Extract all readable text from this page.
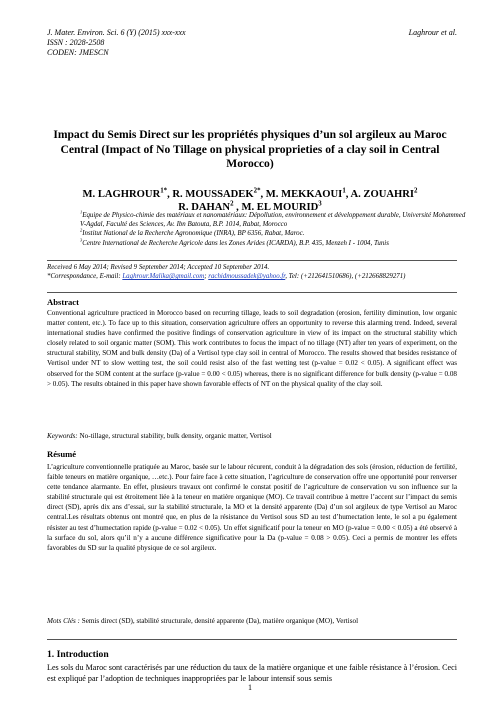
J. Mater. Environ. Sci. 6 (Y) (2015) xxx-xxx
ISSN : 2028-2508
CODEN: JMESCN
Laghrour et al.
Impact du Semis Direct sur les propriétés physiques d’un sol argileux au Maroc Central (Impact of No Tillage on physical proprieties of a clay soil in Central Morocco)
M. $LAGHROUR^{1*}$, R. $MOUSSADEK^{2*}$, M. MEKKAOUI$^1$, A. ZOUAHRI$^2$
R. DAHAN$^2$ , M. EL MOURID$^3$
$^1$Equipe de Physico-chimie des matériaux et nanomatériaux: Dépollution, environnement et développement durable, Université Mohammed V-Agdal, Faculté des Sciences, Av. Ibn Batouta, B.P. 1014, Rabat, Morocco
$^2$Institut National de la Recherche Agronomique (INRA), BP 6356, Rabat, Maroc.
$^3$Centre International de Recherche Agricole dans les Zones Arides (ICARDA), B.P. 435, Menzeh I - 1004, Tunis
Received 6 May 2014; Revised 9 September 2014; Accepted 10 September 2014.
*Correspondance, E-mail: Laghrour.Malika@gmail.com; rachidmoussadek@yahoo.fr, Tel: (+212641510686), (+212668829271)
Abstract
Conventional agriculture practiced in Morocco based on recurring tillage, leads to soil degradation (erosion, fertility diminution, low organic matter content, etc.). To face up to this situation, conservation agriculture offers an opportunity to reverse this alarming trend. Indeed, several international studies have confirmed the positive findings of conservation agriculture in view of its impact on the structural stability which closely related to soil organic matter (SOM). This work contributes to focus the impact of no tillage (NT) after ten years of experiment, on the structural stability, SOM and bulk density (Da) of a Vertisol type clay soil in central of Morocco. The results showed that besides resistance of Vertisol under NT to slow wetting test, the soil could resist also of the fast wetting test (p-value = 0.02 < 0.05). A significant effect was observed for the SOM content at the surface (p-value = 0.00 < 0.05) whereas, there is no significant difference for bulk density (p-value = 0.08 > 0.05). The results obtained in this paper have shown favorable effects of NT on the physical quality of the clay soil.
Keywords: No-tillage, structural stability, bulk density, organic matter, Vertisol
Résumé
L’agriculture conventionnelle pratiquée au Maroc, basée sur le labour récurent, conduit à la dégradation des sols (érosion, réduction de fertilité, faible teneurs en matière organique, …etc.). Pour faire face à cette situation, l’agriculture de conservation offre une opportunité pour renverser cette tendance alarmante. En effet, plusieurs travaux ont confirmé le constat positif de l’agriculture de conservation vu son influence sur la stabilité structurale qui est étroitement liée à la teneur en matière organique (MO). Ce travail contribue à mettre l’accent sur l’impact du semis direct (SD), après dix ans d’essai, sur la stabilité structurale, la MO et la densité apparente (Da) d’un sol argileux de type Vertisol au Maroc central.Les résultats obtenus ont montré que, en plus de la résistance du Vertisol sous SD au test d’humectation lente, le sol a pu également résister au test d’humectation rapide (p-value = 0.02 < 0.05). Un effet significatif pour la teneur en MO (p-value = 0.00 < 0.05) a été observé à la surface du sol, alors qu’il n’y a aucune différence significative pour la Da (p-value = 0.08 > 0.05). Ceci a permis de montrer les effets favorables du SD sur la qualité physique de ce sol argileux.
Mots Clés : Semis direct (SD), stabilité structurale, densité apparente (Da), matière organique (MO), Vertisol
1. Introduction
Les sols du Maroc sont caractérisés par une réduction du taux de la matière organique et une faible résistance à l’érosion. Ceci est expliqué par l’adoption de techniques inappropriées par le labour intensif sous semis
1
